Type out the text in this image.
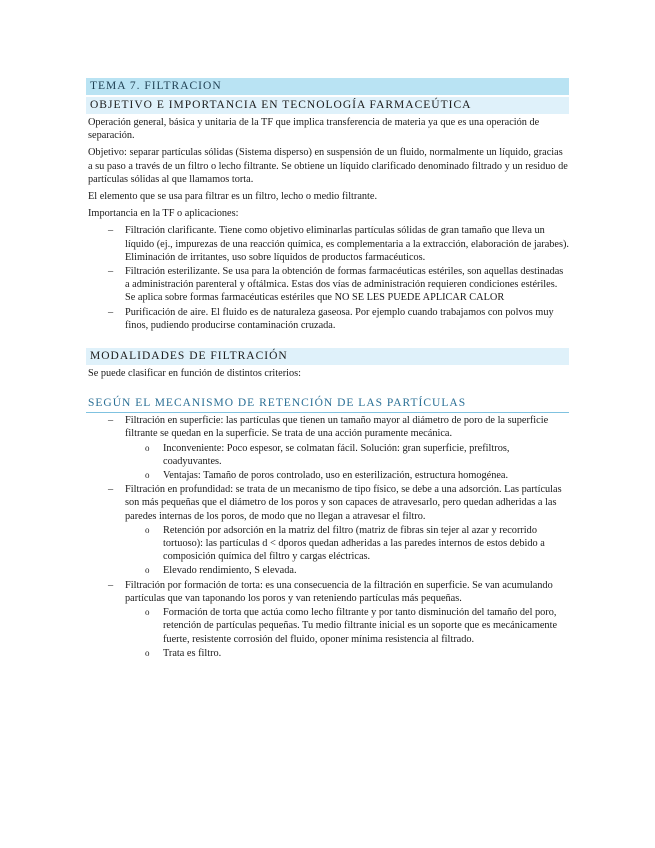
TEMA 7. FILTRACION
OBJETIVO E IMPORTANCIA EN TECNOLOGÍA FARMACEÚTICA

Operación general, básica y unitaria de la TF que implica transferencia de materia ya que es una operación de separación.

Objetivo: separar partículas sólidas (Sistema disperso) en suspensión de un fluido, normalmente un líquido, gracias a su paso a través de un filtro o lecho filtrante. Se obtiene un líquido clarificado denominado filtrado y un residuo de partículas sólidas al que llamamos torta.

El elemento que se usa para filtrar es un filtro, lecho o medio filtrante.

Importancia en la TF o aplicaciones:

– Filtración clarificante. Tiene como objetivo eliminarlas partículas sólidas de gran tamaño que lleva un líquido (ej., impurezas de una reacción química, es complementaria a la extracción, elaboración de jarabes). Eliminación de irritantes, uso sobre líquidos de productos farmacéuticos.
– Filtración esterilizante. Se usa para la obtención de formas farmacéuticas estériles, son aquellas destinadas a administración parenteral y oftálmica. Estas dos vías de administración requieren condiciones estériles. Se aplica sobre formas farmacéuticas estériles que NO SE LES PUEDE APLICAR CALOR
– Purificación de aire. El fluido es de naturaleza gaseosa. Por ejemplo cuando trabajamos con polvos muy finos, pudiendo producirse contaminación cruzada.
MODALIDADES DE FILTRACIÓN

Se puede clasificar en función de distintos criterios:

SEGÚN EL MECANISMO DE RETENCIÓN DE LAS PARTÍCULAS
– Filtración en superficie: las partículas que tienen un tamaño mayor al diámetro de poro de la superficie filtrante se quedan en la superficie. Se trata de una acción puramente mecánica.
o Inconveniente: Poco espesor, se colmatan fácil. Solución: gran superficie, prefiltros, coadyuvantes.
o Ventajas: Tamaño de poros controlado, uso en esterilización, estructura homogénea.
– Filtración en profundidad: se trata de un mecanismo de tipo físico, se debe a una adsorción. Las partículas son más pequeñas que el diámetro de los poros y son capaces de atravesarlo, pero quedan adheridas a las paredes internas de los poros, de modo que no llegan a atravesar el filtro.
o Retención por adsorción en la matriz del filtro (matriz de fibras sin tejer al azar y recorrido tortuoso): las partículas d < dporos quedan adheridas a las paredes internos de estos debido a composición química del filtro y cargas eléctricas.
o Elevado rendimiento, S elevada.
– Filtración por formación de torta: es una consecuencia de la filtración en superficie. Se van acumulando partículas que van taponando los poros y van reteniendo partículas más pequeñas.
o Formación de torta que actúa como lecho filtrante y por tanto disminución del tamaño del poro, retención de partículas pequeñas. Tu medio filtrante inicial es un soporte que es mecánicamente fuerte, resistente corrosión del fluido, oponer mínima resistencia al filtrado.
o Trata es filtro.
